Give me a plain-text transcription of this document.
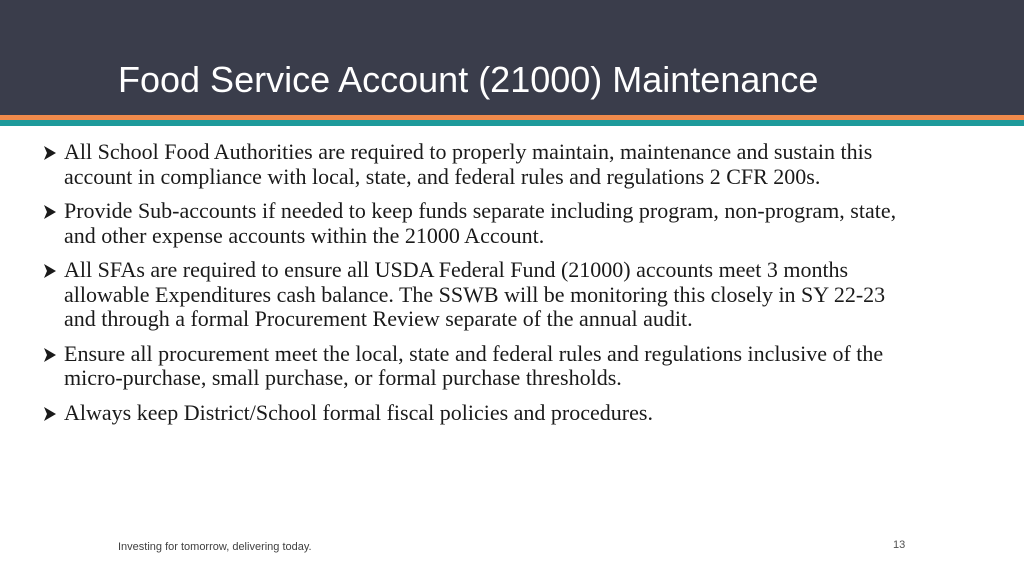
Food Service Account (21000) Maintenance
All School Food Authorities are required to properly maintain, maintenance and sustain this account in compliance with local, state, and federal rules and regulations 2 CFR 200s.
Provide Sub-accounts if needed to keep funds separate including program, non-program, state, and other expense accounts within the 21000 Account.
All SFAs are required to ensure all USDA Federal Fund (21000) accounts meet 3 months allowable Expenditures cash balance. The SSWB will be monitoring this closely in SY 22-23 and through a formal Procurement Review separate of the annual audit.
Ensure all procurement meet the local, state and federal rules and regulations inclusive of the micro-purchase, small purchase, or formal purchase thresholds.
Always keep District/School formal fiscal policies and procedures.
Investing for tomorrow, delivering today.	13
